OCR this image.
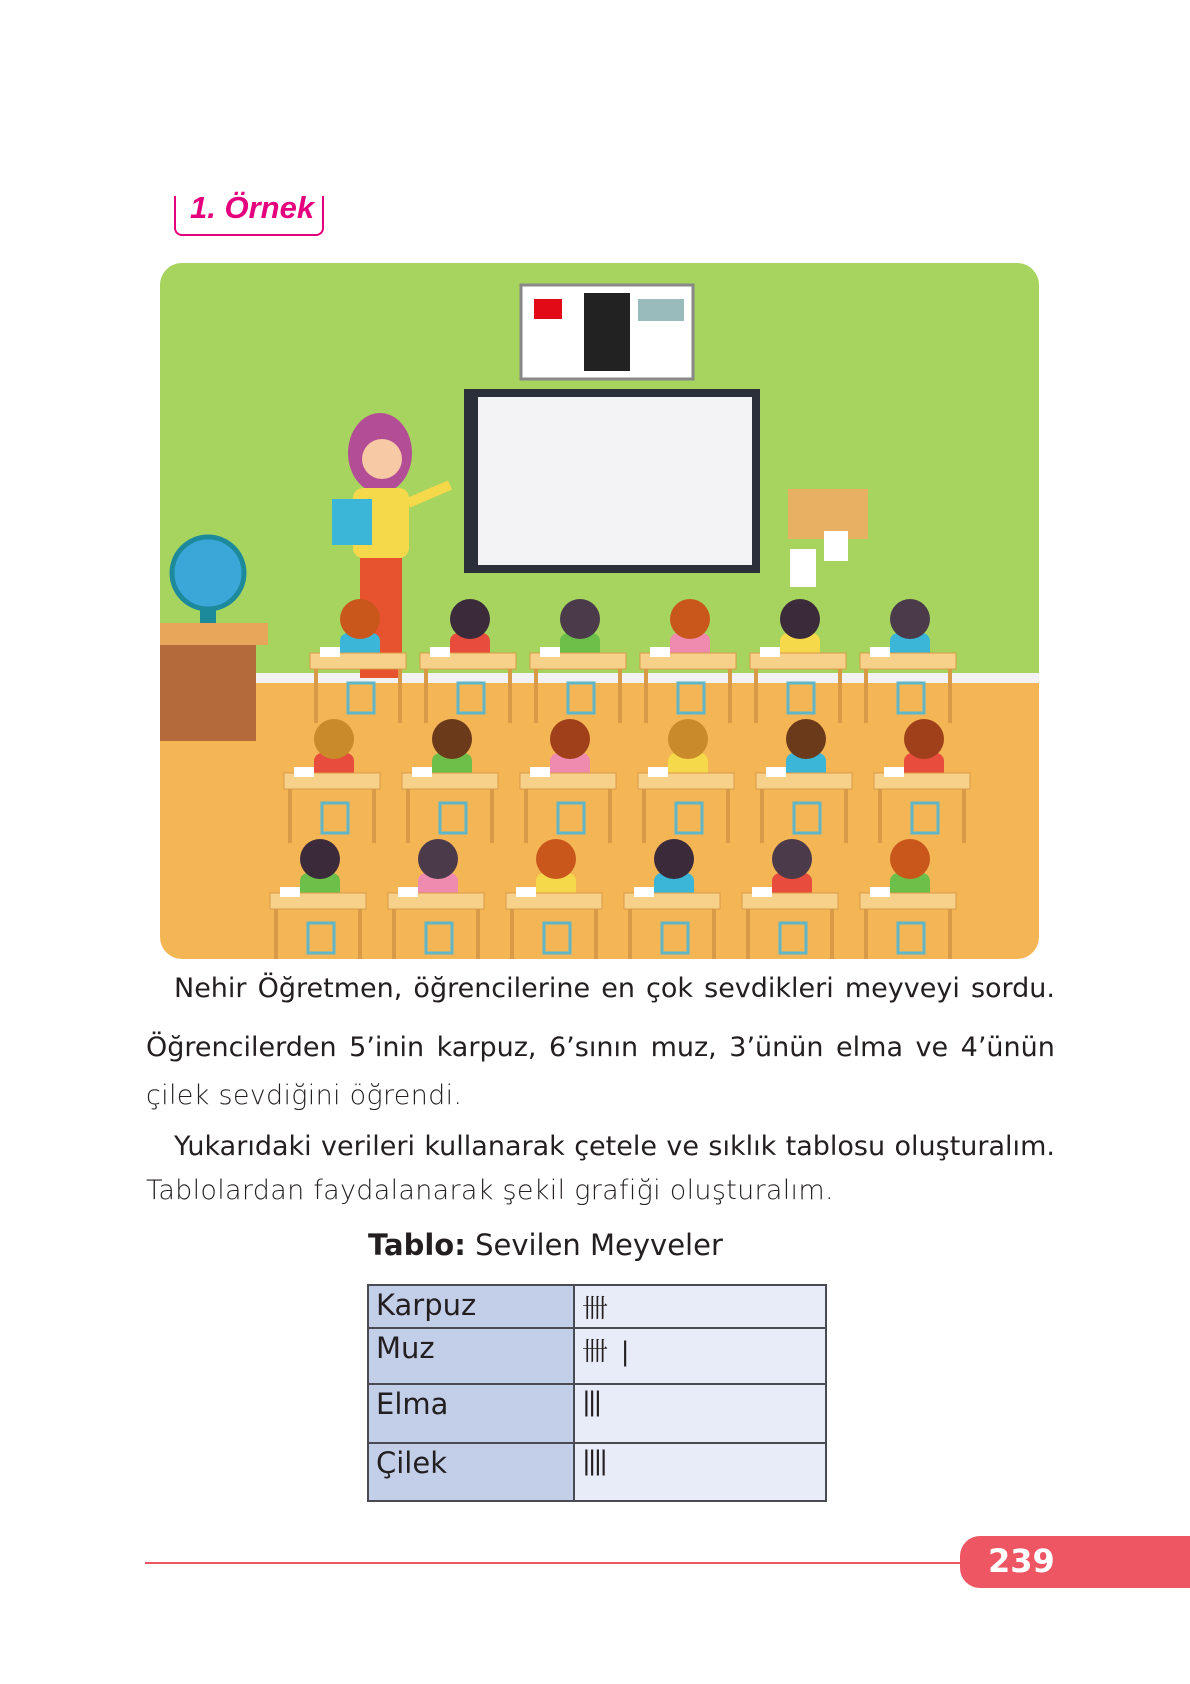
1. Örnek
Nehir Öğretmen, öğrencilerine en çok sevdikleri meyveyi sordu.
Öğrencilerden 5’inin karpuz, 6’sının muz, 3’ünün elma ve 4’ünün
çilek sevdiğini öğrendi.
Yukarıdaki verileri kullanarak çetele ve sıklık tablosu oluşturalım.
Tablolardan faydalanarak şekil grafiği oluşturalım.
Tablo: Sevilen Meyveler
Karpuz	卌
Muz	卌   |
Elma	|||
Çilek	||||
239
